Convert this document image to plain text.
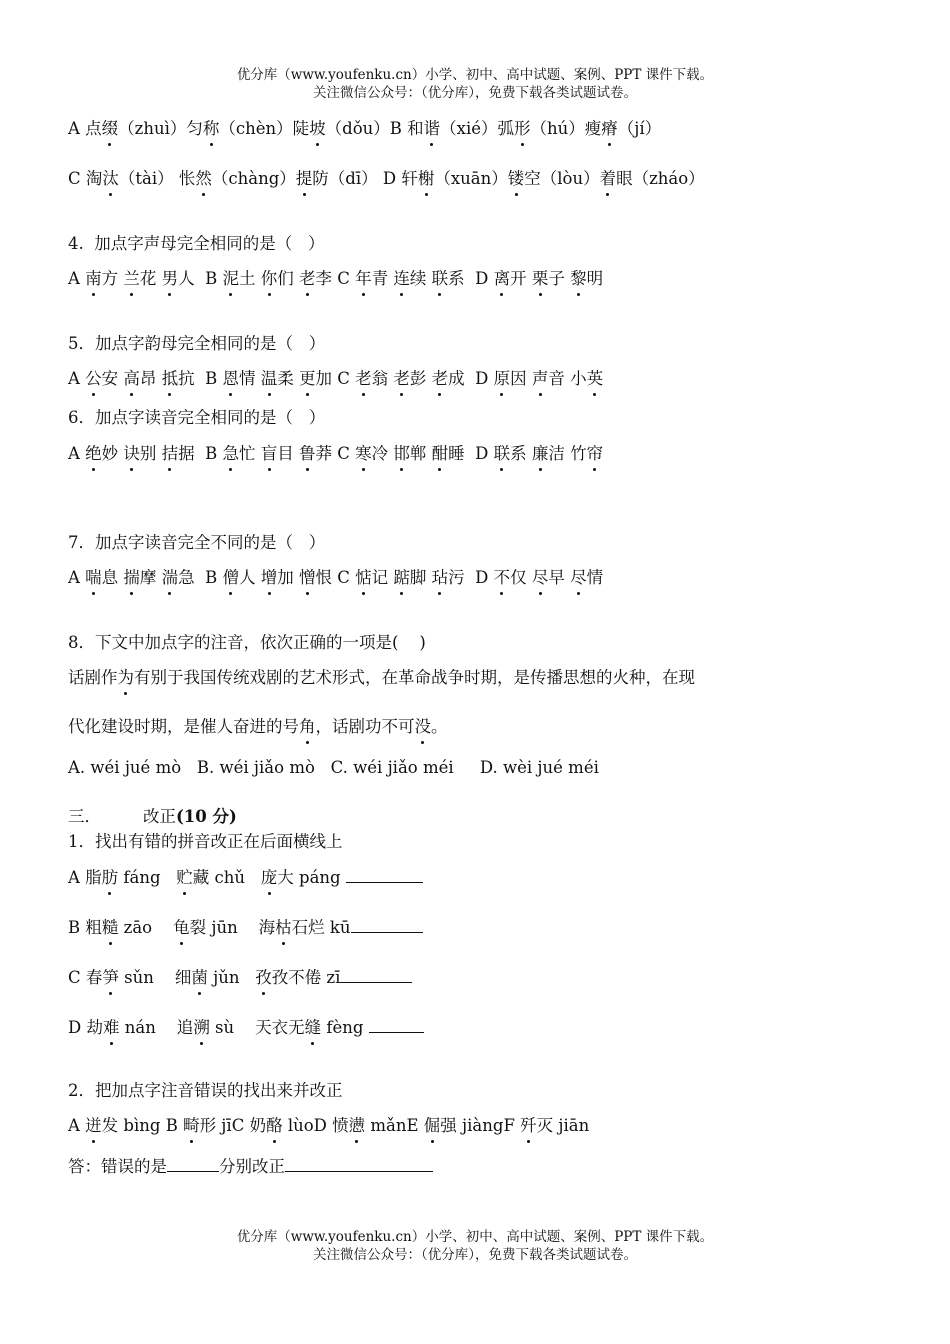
优分库（www.youfenku.cn）小学、初中、高中试题、案例、PPT 课件下载。
关注微信公众号：（优分库），免费下载各类试题试卷。
A 点缀（zhuì）匀称（chèn）陡坡（dǒu）B 和谐（xié）弧形（hú）瘦瘠（jí）
C 淘汰（tài） 怅然（chàng）提防（dī） D 轩榭（xuān）镂空（lòu）着眼（zháo）
4.  加点字声母完全相同的是（   ）
A 南方 兰花 男人  B 泥土 你们 老李 C 年青 连续 联系  D 离开 栗子 黎明
5．加点字韵母完全相同的是（   ）
A 公安 高昂 抵抗  B 恩情 温柔 更加 C 老翁 老彭 老成  D 原因 声音 小英
6．加点字读音完全相同的是（   ）
A 绝妙 诀别 拮据  B 急忙 盲目 鲁莽 C 寒冷 邯郸 酣睡  D 联系 廉洁 竹帘
7．加点字读音完全不同的是（   ）
A 喘息 揣摩 湍急  B 僧人 增加 憎恨 C 惦记 踮脚 玷污  D 不仅 尽早 尽情
8．下文中加点字的注音，依次正确的一项是(    )
话剧作为有别于我国传统戏剧的艺术形式，在革命战争时期，是传播思想的火种，在现
代化建设时期，是催人奋进的号角，话剧功不可没。
A. wéi jué mò   B. wéi jiǎo mò   C. wéi jiǎo méi     D. wèi jué méi
三．        改正(10 分)
1．找出有错的拼音改正在后面横线上
A 脂肪 fáng   贮藏 chǔ   庞大 páng
B 粗糙 zāo    龟裂 jūn    海枯石烂 kū
C 春笋 sǔn    细菌 jǔn   孜孜不倦 zī
D 劫难 nán    追溯 sù    天衣无缝 fèng
2．把加点字注音错误的找出来并改正
A 迸发 bìng B 畸形 jīC 奶酪 lùoD 愤懑 mǎnE 倔强 jiàngF 歼灭 jiān
答：错误的是	分别改正
优分库（www.youfenku.cn）小学、初中、高中试题、案例、PPT 课件下载。
关注微信公众号：（优分库），免费下载各类试题试卷。
